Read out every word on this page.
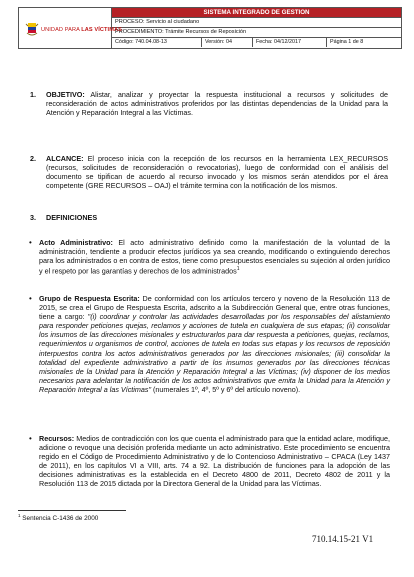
UNIDAD PARA LAS VÍCTIMAS
SISTEMA INTEGRADO DE GESTION
PROCESO: Servicio al ciudadano
PROCEDIMIENTO: Trámite Recursos de Reposición
Código: 740.04.08-13	Versión: 04	Fecha: 04/12/2017	Página 1 de 8
1. OBJETIVO: Alistar, analizar y proyectar la respuesta institucional a recursos y solicitudes de reconsideración de actos administrativos proferidos por las distintas dependencias de la Unidad para la Atención y Reparación Integral a las Víctimas.

2. ALCANCE: El proceso inicia con la recepción de los recursos en la herramienta LEX_RECURSOS (recursos, solicitudes de reconsideración o revocatorias), luego de conformidad con el análisis del documento se tipifican de acuerdo al recurso invocado y los mismos serán atendidos por el área competente (GRE RECURSOS – OAJ) el trámite termina con la notificación de los mismos.

3. DEFINICIONES

• Acto Administrativo: El acto administrativo definido como la manifestación de la voluntad de la administración, tendiente a producir efectos jurídicos ya sea creando, modificando o extinguiendo derechos para los administrados o en contra de estos, tiene como presupuestos esenciales su sujeción al orden jurídico y el respeto por las garantías y derechos de los administrados$^1$

• Grupo de Respuesta Escrita: De conformidad con los artículos tercero y noveno de la Resolución 113 de 2015, se crea el Grupo de Respuesta Escrita, adscrito a la Subdirección General que, entre otras funciones, tiene a cargo: "(i) coordinar y controlar las actividades desarrolladas por los responsables del alistamiento para responder peticiones quejas, reclamos y acciones de tutela en cualquiera de sus etapas; (ii) consolidar los insumos de las direcciones misionales y estructurarlos para dar respuesta a peticiones, quejas, reclamos, requerimientos u organismos de control, acciones de tutela en todas sus etapas y los recursos de reposición interpuestos contra los actos administrativos generados por las direcciones misionales; (iii) consolidar la totalidad del expediente administrativo a partir de los insumos generados por las direcciones técnicas misionales de la Unidad para la Atención y Reparación Integral a las Víctimas; (iv) disponer de los medios necesarios para adelantar la notificación de los actos administrativos que emita la Unidad para la Atención y Reparación Integral a las Víctimas" (numerales 1º, 4º, 5º y 6º del artículo noveno).

• Recursos: Medios de contradicción con los que cuenta el administrado para que la entidad aclare, modifique, adicione o revoque una decisión proferida mediante un acto administrativo. Este procedimiento se encuentra regido en el Código de Procedimiento Administrativo y de lo Contencioso Administrativo – CPACA (Ley 1437 de 2011), en los capítulos VI a VIII, arts. 74 a 92. La distribución de funciones para la adopción de las decisiones administrativas es la establecida en el Decreto 4800 de 2011, Decreto 4802 de 2011 y la Resolución 113 de 2015 dictada por la Directora General de la Unidad para las Víctimas.

$^1$ Sentencia C-1436 de 2000
710.14.15-21 V1
